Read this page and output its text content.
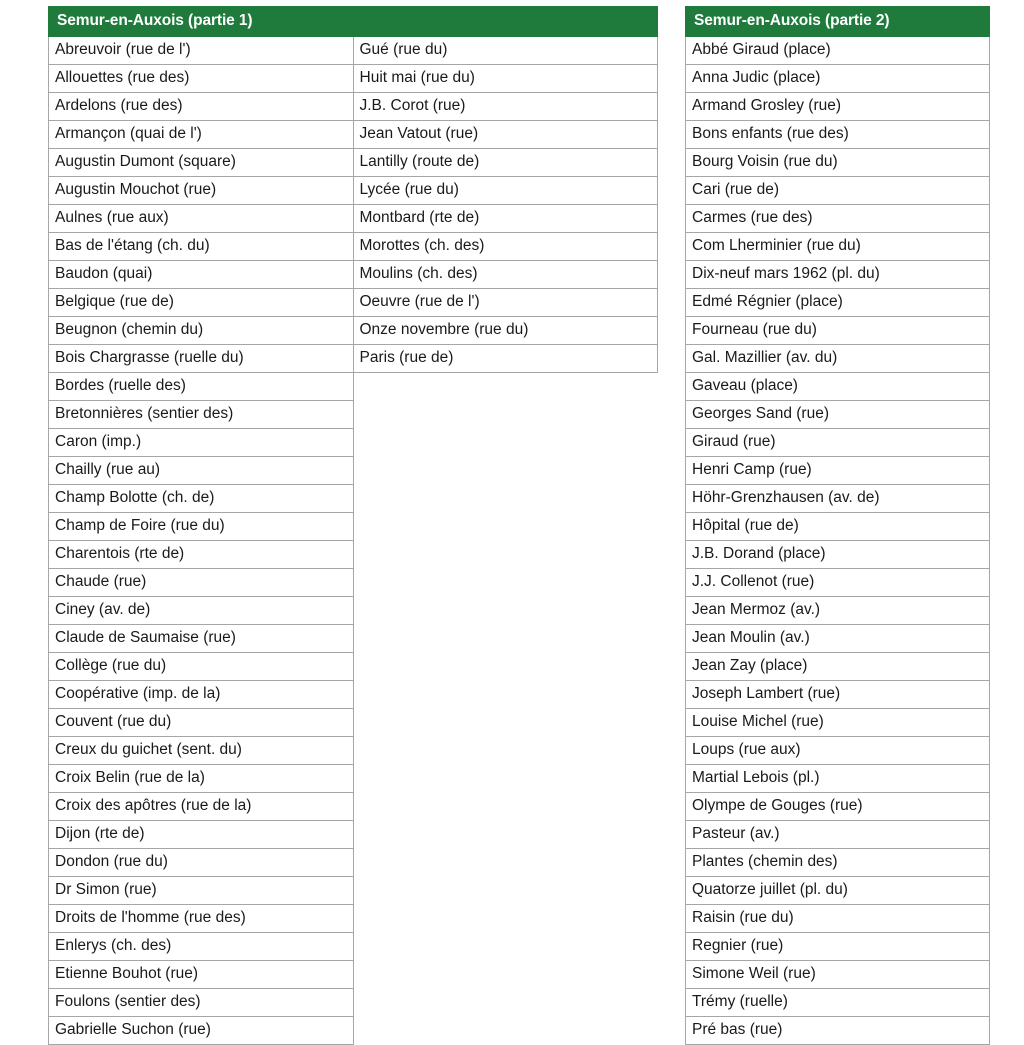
Semur-en-Auxois (partie 1)	
Abreuvoir (rue de l')	Gué (rue du)
Allouettes (rue des)	Huit mai (rue du)
Ardelons (rue des)	J.B. Corot (rue)
Armançon (quai de l')	Jean Vatout (rue)
Augustin Dumont (square)	Lantilly (route de)
Augustin Mouchot (rue)	Lycée (rue du)
Aulnes (rue aux)	Montbard (rte de)
Bas de l'étang (ch. du)	Morottes (ch. des)
Baudon (quai)	Moulins (ch. des)
Belgique (rue de)	Oeuvre (rue de l')
Beugnon (chemin du)	Onze novembre (rue du)
Bois Chargrasse (ruelle du)	Paris (rue de)
Bordes (ruelle des)	
Bretonnières (sentier des)	
Caron (imp.)	
Chailly (rue au)	
Champ Bolotte (ch. de)	
Champ de Foire (rue du)	
Charentois (rte de)	
Chaude (rue)	
Ciney (av. de)	
Claude de Saumaise (rue)	
Collège (rue du)	
Coopérative (imp. de la)	
Couvent (rue du)	
Creux du guichet (sent. du)	
Croix Belin (rue de la)	
Croix des apôtres (rue de la)	
Dijon (rte de)	
Dondon (rue du)	
Dr Simon (rue)	
Droits de l'homme (rue des)	
Enlerys (ch. des)	
Etienne Bouhot (rue)	
Foulons (sentier des)	
Gabrielle Suchon (rue)	
Semur-en-Auxois (partie 2)
Abbé Giraud (place)
Anna Judic (place)
Armand Grosley (rue)
Bons enfants (rue des)
Bourg Voisin (rue du)
Cari (rue de)
Carmes (rue des)
Com Lherminier (rue du)
Dix-neuf mars 1962 (pl. du)
Edmé Régnier (place)
Fourneau (rue du)
Gal. Mazillier (av. du)
Gaveau (place)
Georges Sand (rue)
Giraud (rue)
Henri Camp (rue)
Höhr-Grenzhausen (av. de)
Hôpital (rue de)
J.B. Dorand (place)
J.J. Collenot (rue)
Jean Mermoz (av.)
Jean Moulin (av.)
Jean Zay (place)
Joseph Lambert (rue)
Louise Michel (rue)
Loups (rue aux)
Martial Lebois (pl.)
Olympe de Gouges (rue)
Pasteur (av.)
Plantes (chemin des)
Quatorze juillet (pl. du)
Raisin (rue du)
Regnier (rue)
Simone Weil (rue)
Trémy (ruelle)
Pré bas (rue)
